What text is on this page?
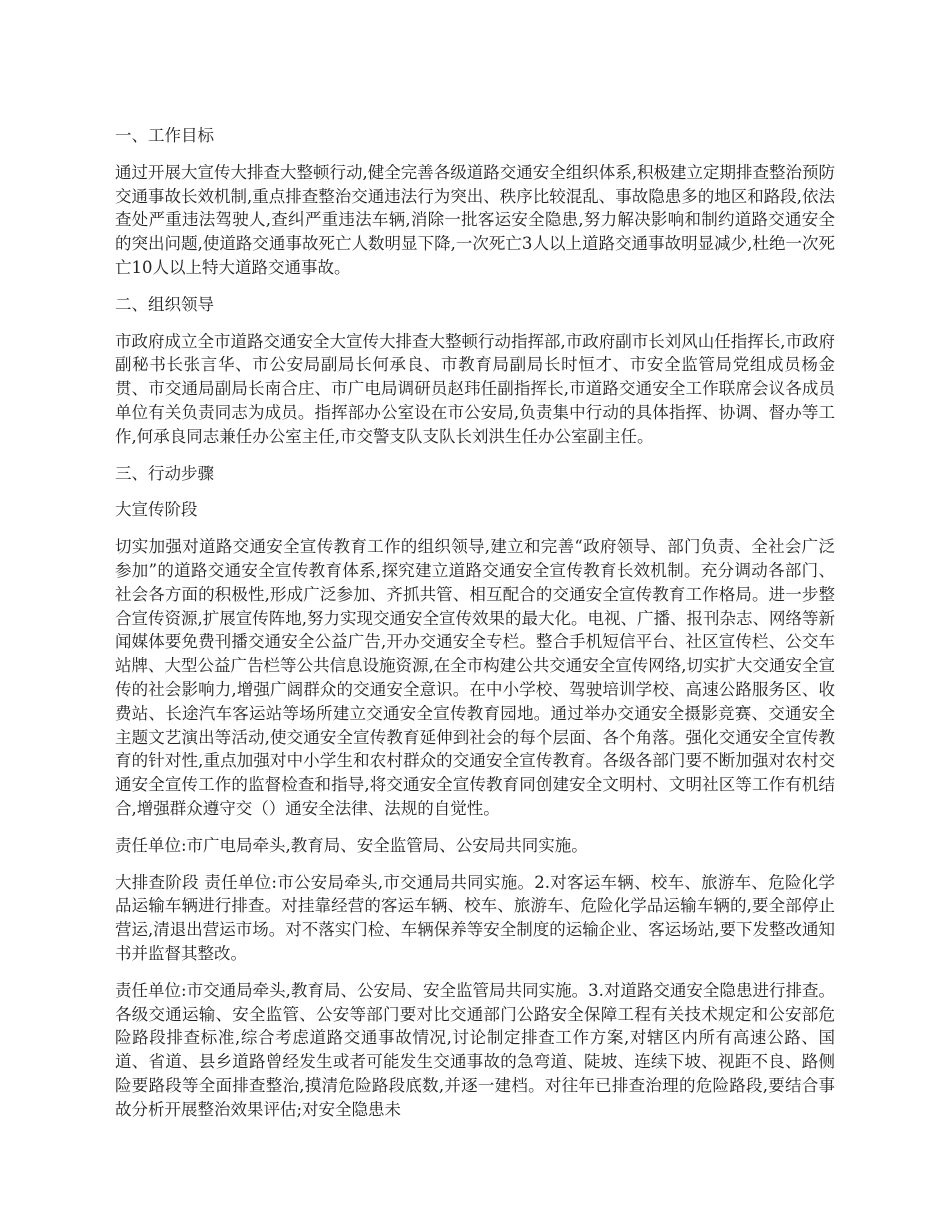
一、工作目标

通过开展大宣传大排查大整顿行动,健全完善各级道路交通安全组织体系,积极建立定期排查整治预防交通事故长效机制,重点排查整治交通违法行为突出、秩序比较混乱、事故隐患多的地区和路段,依法查处严重违法驾驶人,查纠严重违法车辆,消除一批客运安全隐患,努力解决影响和制约道路交通安全的突出问题,使道路交通事故死亡人数明显下降,一次死亡3人以上道路交通事故明显减少,杜绝一次死亡10人以上特大道路交通事故。

二、组织领导

市政府成立全市道路交通安全大宣传大排查大整顿行动指挥部,市政府副市长刘风山任指挥长,市政府副秘书长张言华、市公安局副局长何承良、市教育局副局长时恒才、市安全监管局党组成员杨金贯、市交通局副局长南合庄、市广电局调研员赵玮任副指挥长,市道路交通安全工作联席会议各成员单位有关负责同志为成员。指挥部办公室设在市公安局,负责集中行动的具体指挥、协调、督办等工作,何承良同志兼任办公室主任,市交警支队支队长刘洪生任办公室副主任。

三、行动步骤
大宣传阶段

切实加强对道路交通安全宣传教育工作的组织领导,建立和完善“政府领导、部门负责、全社会广泛参加”的道路交通安全宣传教育体系,探究建立道路交通安全宣传教育长效机制。充分调动各部门、社会各方面的积极性,形成广泛参加、齐抓共管、相互配合的交通安全宣传教育工作格局。进一步整合宣传资源,扩展宣传阵地,努力实现交通安全宣传效果的最大化。电视、广播、报刊杂志、网络等新闻媒体要免费刊播交通安全公益广告,开办交通安全专栏。整合手机短信平台、社区宣传栏、公交车站牌、大型公益广告栏等公共信息设施资源,在全市构建公共交通安全宣传网络,切实扩大交通安全宣传的社会影响力,增强广阔群众的交通安全意识。在中小学校、驾驶培训学校、高速公路服务区、收费站、长途汽车客运站等场所建立交通安全宣传教育园地。通过举办交通安全摄影竞赛、交通安全主题文艺演出等活动,使交通安全宣传教育延伸到社会的每个层面、各个角落。强化交通安全宣传教育的针对性,重点加强对中小学生和农村群众的交通安全宣传教育。各级各部门要不断加强对农村交通安全宣传工作的监督检查和指导,将交通安全宣传教育同创建安全文明村、文明社区等工作有机结合,增强群众遵守交（）通安全法律、法规的自觉性。

责任单位:市广电局牵头,教育局、安全监管局、公安局共同实施。

大排查阶段 责任单位:市公安局牵头,市交通局共同实施。2.对客运车辆、校车、旅游车、危险化学品运输车辆进行排查。对挂靠经营的客运车辆、校车、旅游车、危险化学品运输车辆的,要全部停止营运,清退出营运市场。对不落实门检、车辆保养等安全制度的运输企业、客运场站,要下发整改通知书并监督其整改。

责任单位:市交通局牵头,教育局、公安局、安全监管局共同实施。3.对道路交通安全隐患进行排查。各级交通运输、安全监管、公安等部门要对比交通部门公路安全保障工程有关技术规定和公安部危险路段排查标准,综合考虑道路交通事故情况,讨论制定排查工作方案,对辖区内所有高速公路、国道、省道、县乡道路曾经发生或者可能发生交通事故的急弯道、陡坡、连续下坡、视距不良、路侧险要路段等全面排查整治,摸清危险路段底数,并逐一建档。对往年已排查治理的危险路段,要结合事故分析开展整治效果评估;对安全隐患未
